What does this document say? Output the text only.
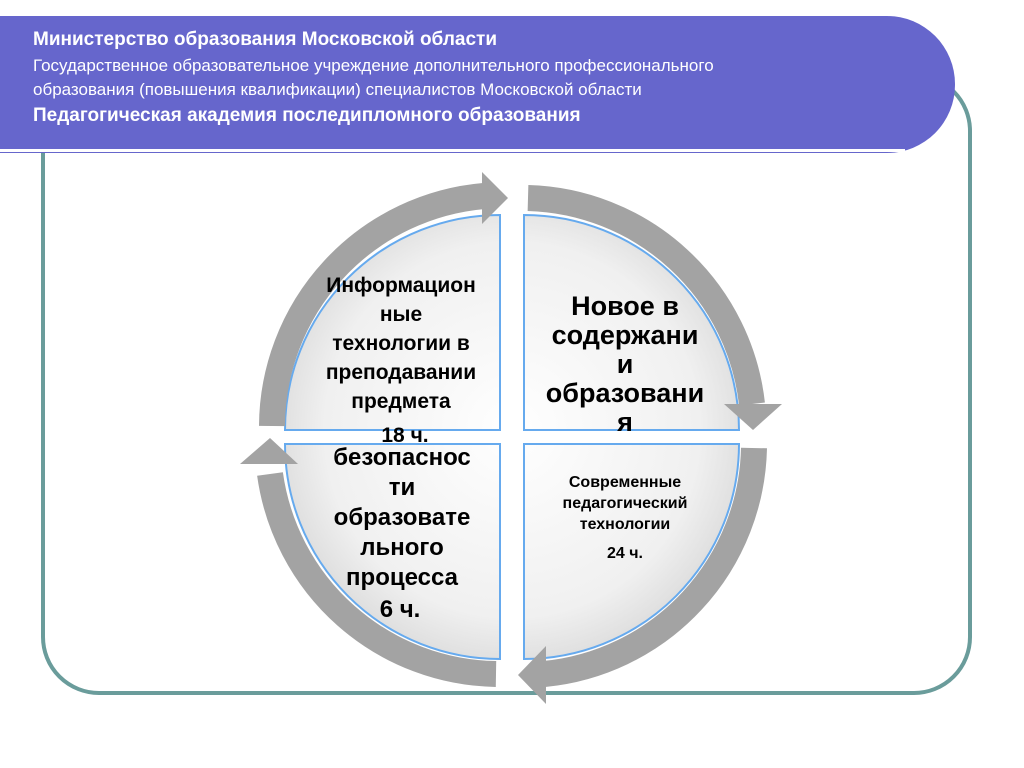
Министерство образования Московской области
Государственное образовательное учреждение дополнительного профессионального
образования (повышения квалификации) специалистов Московской области
Педагогическая академия последипломного образования
Информацион
ные
технологии в
преподавании
предмета
18 ч.
Новое в
содержани
и
образовани
я
безопаснос
ти
образовате
льного
процесса
6 ч.
Современные
педагогический
технологии
24 ч.
